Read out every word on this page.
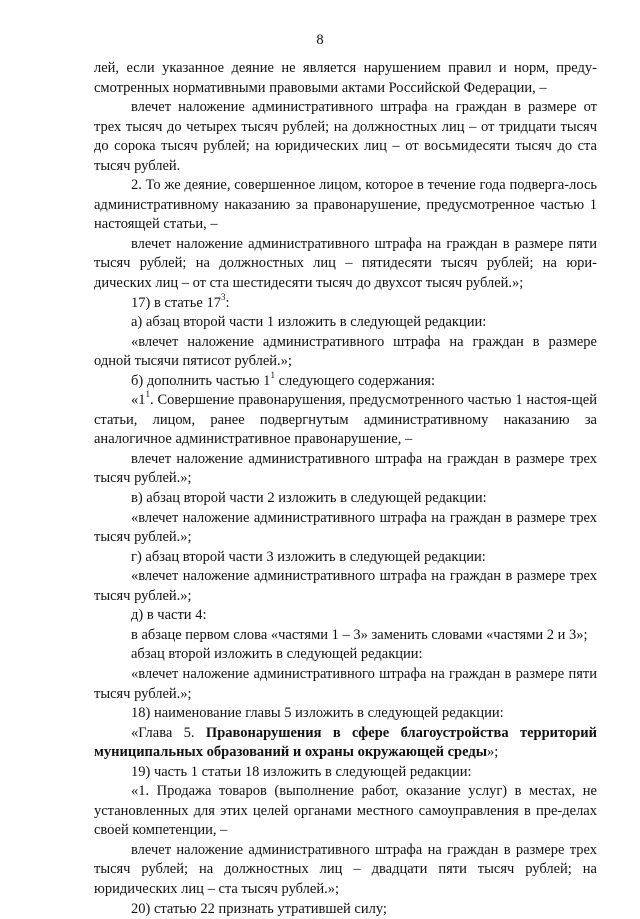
8

лей, если указанное деяние не является нарушением правил и норм, преду-смотренных нормативными правовыми актами Российской Федерации, –

влечет наложение административного штрафа на граждан в размере от трех тысяч до четырех тысяч рублей; на должностных лиц – от тридцати тысяч до сорока тысяч рублей; на юридических лиц – от восьмидесяти тысяч до ста тысяч рублей.

2. То же деяние, совершенное лицом, которое в течение года подверга-лось административному наказанию за правонарушение, предусмотренное частью 1 настоящей статьи, –

влечет наложение административного штрафа на граждан в размере пяти тысяч рублей; на должностных лиц – пятидесяти тысяч рублей; на юри-дических лиц – от ста шестидесяти тысяч до двухсот тысяч рублей.»;

17) в статье $17^3$:

а) абзац второй части 1 изложить в следующей редакции:

«влечет наложение административного штрафа на граждан в размере одной тысячи пятисот рублей.»;

б) дополнить частью $1^1$ следующего содержания:

«$1^1$. Совершение правонарушения, предусмотренного частью 1 настоя-щей статьи, лицом, ранее подвергнутым административному наказанию за аналогичное административное правонарушение, –

влечет наложение административного штрафа на граждан в размере трех тысяч рублей.»;

в) абзац второй части 2 изложить в следующей редакции:

«влечет наложение административного штрафа на граждан в размере трех тысяч рублей.»;

г) абзац второй части 3 изложить в следующей редакции:

«влечет наложение административного штрафа на граждан в размере трех тысяч рублей.»;

д) в части 4:

в абзаце первом слова «частями 1 – 3» заменить словами «частями 2 и 3»;

абзац второй изложить в следующей редакции:

«влечет наложение административного штрафа на граждан в размере пяти тысяч рублей.»;

18) наименование главы 5 изложить в следующей редакции:

«Глава 5. Правонарушения в сфере благоустройства территорий муниципальных образований и охраны окружающей среды»;

19) часть 1 статьи 18 изложить в следующей редакции:

«1. Продажа товаров (выполнение работ, оказание услуг) в местах, не установленных для этих целей органами местного самоуправления в пре-делах своей компетенции, –

влечет наложение административного штрафа на граждан в размере трех тысяч рублей; на должностных лиц – двадцати пяти тысяч рублей; на юридических лиц – ста тысяч рублей.»;

20) статью 22 признать утратившей силу;
